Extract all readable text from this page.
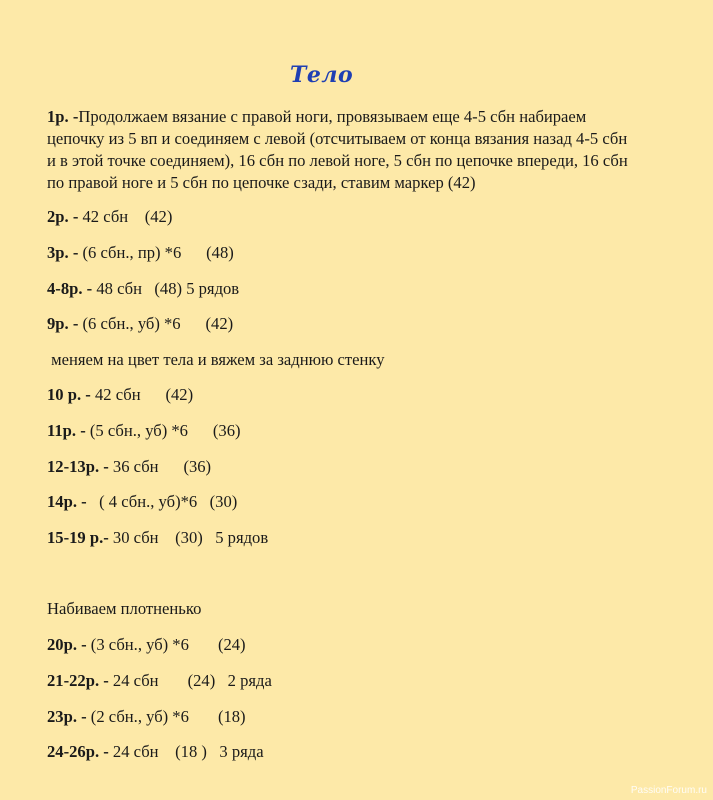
Тело

1р. -Продолжаем вязание с правой ноги, провязываем еще 4-5 сбн набираем

цепочку из 5 вп и соединяем с левой (отсчитываем от конца вязания назад 4-5 сбн

и в этой точке соединяем), 16 сбн по левой ноге, 5 сбн по цепочке впереди, 16 сбн

по правой ноге и 5 сбн по цепочке сзади, ставим маркер (42)

2р. - 42 сбн    (42)
3р. - (6 сбн., пр) *6      (48)
4-8р. - 48 сбн   (48) 5 рядов
9р. - (6 сбн., уб) *6      (42)
меняем на цвет тела и вяжем за заднюю стенку
10 р. - 42 сбн      (42)
11р. - (5 сбн., уб) *6      (36)
12-13р. - 36 сбн      (36)
14р. -   ( 4 сбн., уб)*6   (30)
15-19 р.- 30 сбн    (30)   5 рядов
Набиваем плотненько
20р. - (3 сбн., уб) *6       (24)
21-22р. - 24 сбн       (24)   2 ряда
23р. - (2 сбн., уб) *6       (18)
24-26р. - 24 сбн    (18 )   3 ряда
PassionForum.ru
